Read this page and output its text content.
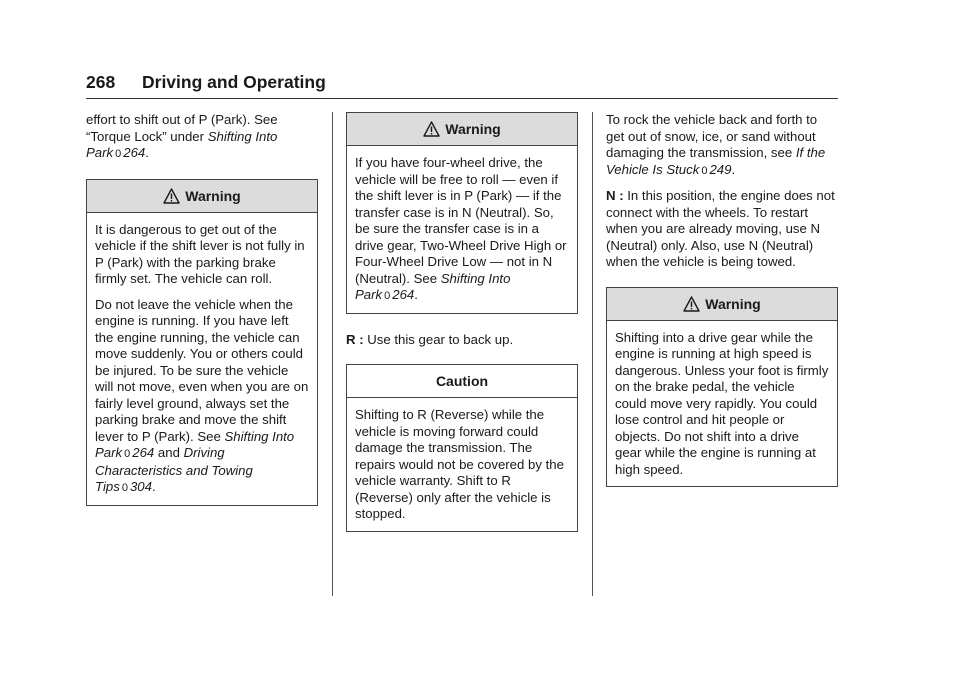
268 Driving and Operating

effort to shift out of P (Park). See “Torque Lock” under Shifting Into Park 0 264.

Warning

It is dangerous to get out of the vehicle if the shift lever is not fully in P (Park) with the parking brake firmly set. The vehicle can roll.

Do not leave the vehicle when the engine is running. If you have left the engine running, the vehicle can move suddenly. You or others could be injured. To be sure the vehicle will not move, even when you are on fairly level ground, always set the parking brake and move the shift lever to P (Park). See Shifting Into Park 0 264 and Driving Characteristics and Towing Tips 0 304.

Warning

If you have four-wheel drive, the vehicle will be free to roll — even if the shift lever is in P (Park) — if the transfer case is in N (Neutral). So, be sure the transfer case is in a drive gear, Two-Wheel Drive High or Four-Wheel Drive Low — not in N (Neutral). See Shifting Into Park 0 264.

R : Use this gear to back up.

Caution

Shifting to R (Reverse) while the vehicle is moving forward could damage the transmission. The repairs would not be covered by the vehicle warranty. Shift to R (Reverse) only after the vehicle is stopped.

To rock the vehicle back and forth to get out of snow, ice, or sand without damaging the transmission, see If the Vehicle Is Stuck 0 249.

N : In this position, the engine does not connect with the wheels. To restart when you are already moving, use N (Neutral) only. Also, use N (Neutral) when the vehicle is being towed.

Warning

Shifting into a drive gear while the engine is running at high speed is dangerous. Unless your foot is firmly on the brake pedal, the vehicle could move very rapidly. You could lose control and hit people or objects. Do not shift into a drive gear while the engine is running at high speed.
